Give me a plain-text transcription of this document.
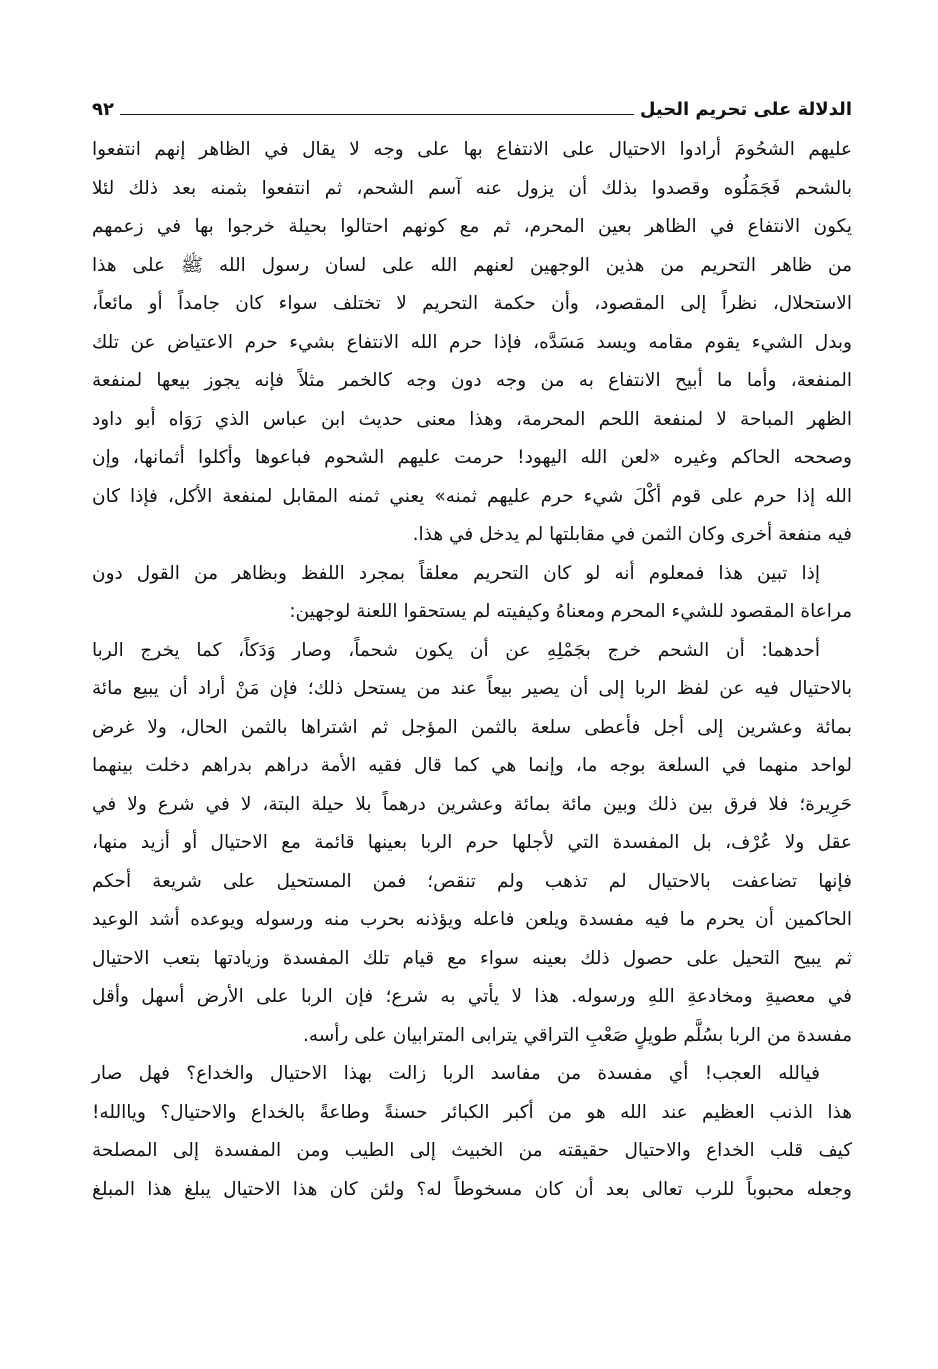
الدلالة على تحريم الحيل
٩٢
عليهم الشحُومَ أرادوا الاحتيال على الانتفاع بها على وجه لا يقال في الظاهر إنهم انتفعوا
بالشحم فَجَمَلُوه وقصدوا بذلك أن يزول عنه آسم الشحم، ثم انتفعوا بثمنه بعد ذلك لئلا
يكون الانتفاع في الظاهر بعين المحرم، ثم مع كونهم احتالوا بحيلة خرجوا بها في زعمهم
من ظاهر التحريم من هذين الوجهين لعنهم الله على لسان رسول الله ﷺ على هذا
الاستحلال، نظراً إلى المقصود، وأن حكمة التحريم لا تختلف سواء كان جامداً أو مائعاً،
وبدل الشيء يقوم مقامه ويسد مَسَدَّه، فإذا حرم الله الانتفاع بشيء حرم الاعتياض عن تلك
المنفعة، وأما ما أبيح الانتفاع به من وجه دون وجه كالخمر مثلاً فإنه يجوز بيعها لمنفعة
الظهر المباحة لا لمنفعة اللحم المحرمة، وهذا معنى حديث ابن عباس الذي رَوَاه أبو داود
وصححه الحاكم وغيره «لعن الله اليهود! حرمت عليهم الشحوم فباعوها وأكلوا أثمانها، وإن
الله إذا حرم على قوم أكْلَ شيء حرم عليهم ثمنه» يعني ثمنه المقابل لمنفعة الأكل، فإذا كان
فيه منفعة أخرى وكان الثمن في مقابلتها لم يدخل في هذا.
إذا تبين هذا فمعلوم أنه لو كان التحريم معلقاً بمجرد اللفظ وبظاهر من القول دون
مراعاة المقصود للشيء المحرم ومعناهُ وكيفيته لم يستحقوا اللعنة لوجهين:
أحدهما: أن الشحم خرج بجَمْلِهِ عن أن يكون شحماً، وصار وَدَكاً، كما يخرج الربا
بالاحتيال فيه عن لفظ الربا إلى أن يصير بيعاً عند من يستحل ذلك؛ فإن مَنْ أراد أن يبيع مائة
بمائة وعشرين إلى أجل فأعطى سلعة بالثمن المؤجل ثم اشتراها بالثمن الحال، ولا غرض
لواحد منهما في السلعة بوجه ما، وإنما هي كما قال فقيه الأمة دراهم بدراهم دخلت بينهما
حَرِيرة؛ فلا فرق بين ذلك وبين مائة بمائة وعشرين درهماً بلا حيلة البتة، لا في شرع ولا في
عقل ولا عُرْف، بل المفسدة التي لأجلها حرم الربا بعينها قائمة مع الاحتيال أو أزيد منها،
فإنها تضاعفت بالاحتيال لم تذهب ولم تنقص؛ فمن المستحيل على شريعة أحكم
الحاكمين أن يحرم ما فيه مفسدة ويلعن فاعله ويؤذنه بحرب منه ورسوله ويوعده أشد الوعيد
ثم يبيح التحيل على حصول ذلك بعينه سواء مع قيام تلك المفسدة وزيادتها بتعب الاحتيال
في معصيةِ ومخادعةِ اللهِ ورسوله. هذا لا يأتي به شرع؛ فإن الربا على الأرض أسهل وأقل
مفسدة من الربا بسُلَّم طويلٍ صَعْبِ التراقي يترابى المترابيان على رأسه.
فيالله العجب! أي مفسدة من مفاسد الربا زالت بهذا الاحتيال والخداع؟ فهل صار
هذا الذنب العظيم عند الله هو من أكبر الكبائر حسنةً وطاعةً بالخداع والاحتيال؟ وياالله!
كيف قلب الخداع والاحتيال حقيقته من الخبيث إلى الطيب ومن المفسدة إلى المصلحة
وجعله محبوباً للرب تعالى بعد أن كان مسخوطاً له؟ ولئن كان هذا الاحتيال يبلغ هذا المبلغ
